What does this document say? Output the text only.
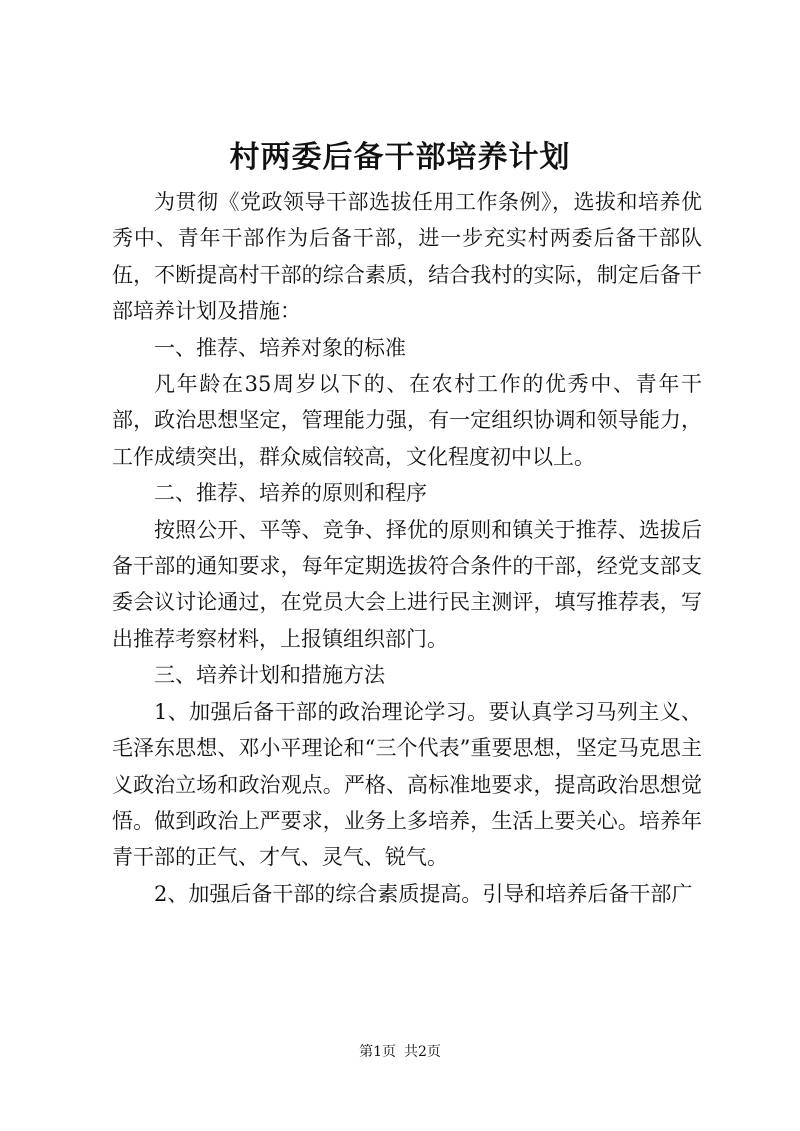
村两委后备干部培养计划

为贯彻《党政领导干部选拔任用工作条例》，选拔和培养优秀中、青年干部作为后备干部，进一步充实村两委后备干部队伍，不断提高村干部的综合素质，结合我村的实际，制定后备干部培养计划及措施：

一、推荐、培养对象的标准

凡年龄在35周岁以下的、在农村工作的优秀中、青年干部，政治思想坚定，管理能力强，有一定组织协调和领导能力，工作成绩突出，群众威信较高，文化程度初中以上。

二、推荐、培养的原则和程序

按照公开、平等、竞争、择优的原则和镇关于推荐、选拔后备干部的通知要求，每年定期选拔符合条件的干部，经党支部支委会议讨论通过，在党员大会上进行民主测评，填写推荐表，写出推荐考察材料，上报镇组织部门。

三、培养计划和措施方法

1、加强后备干部的政治理论学习。要认真学习马列主义、毛泽东思想、邓小平理论和“三个代表”重要思想，坚定马克思主义政治立场和政治观点。严格、高标准地要求，提高政治思想觉悟。做到政治上严要求，业务上多培养，生活上要关心。培养年青干部的正气、才气、灵气、锐气。

2、加强后备干部的综合素质提高。引导和培养后备干部广

第1页 共2页
